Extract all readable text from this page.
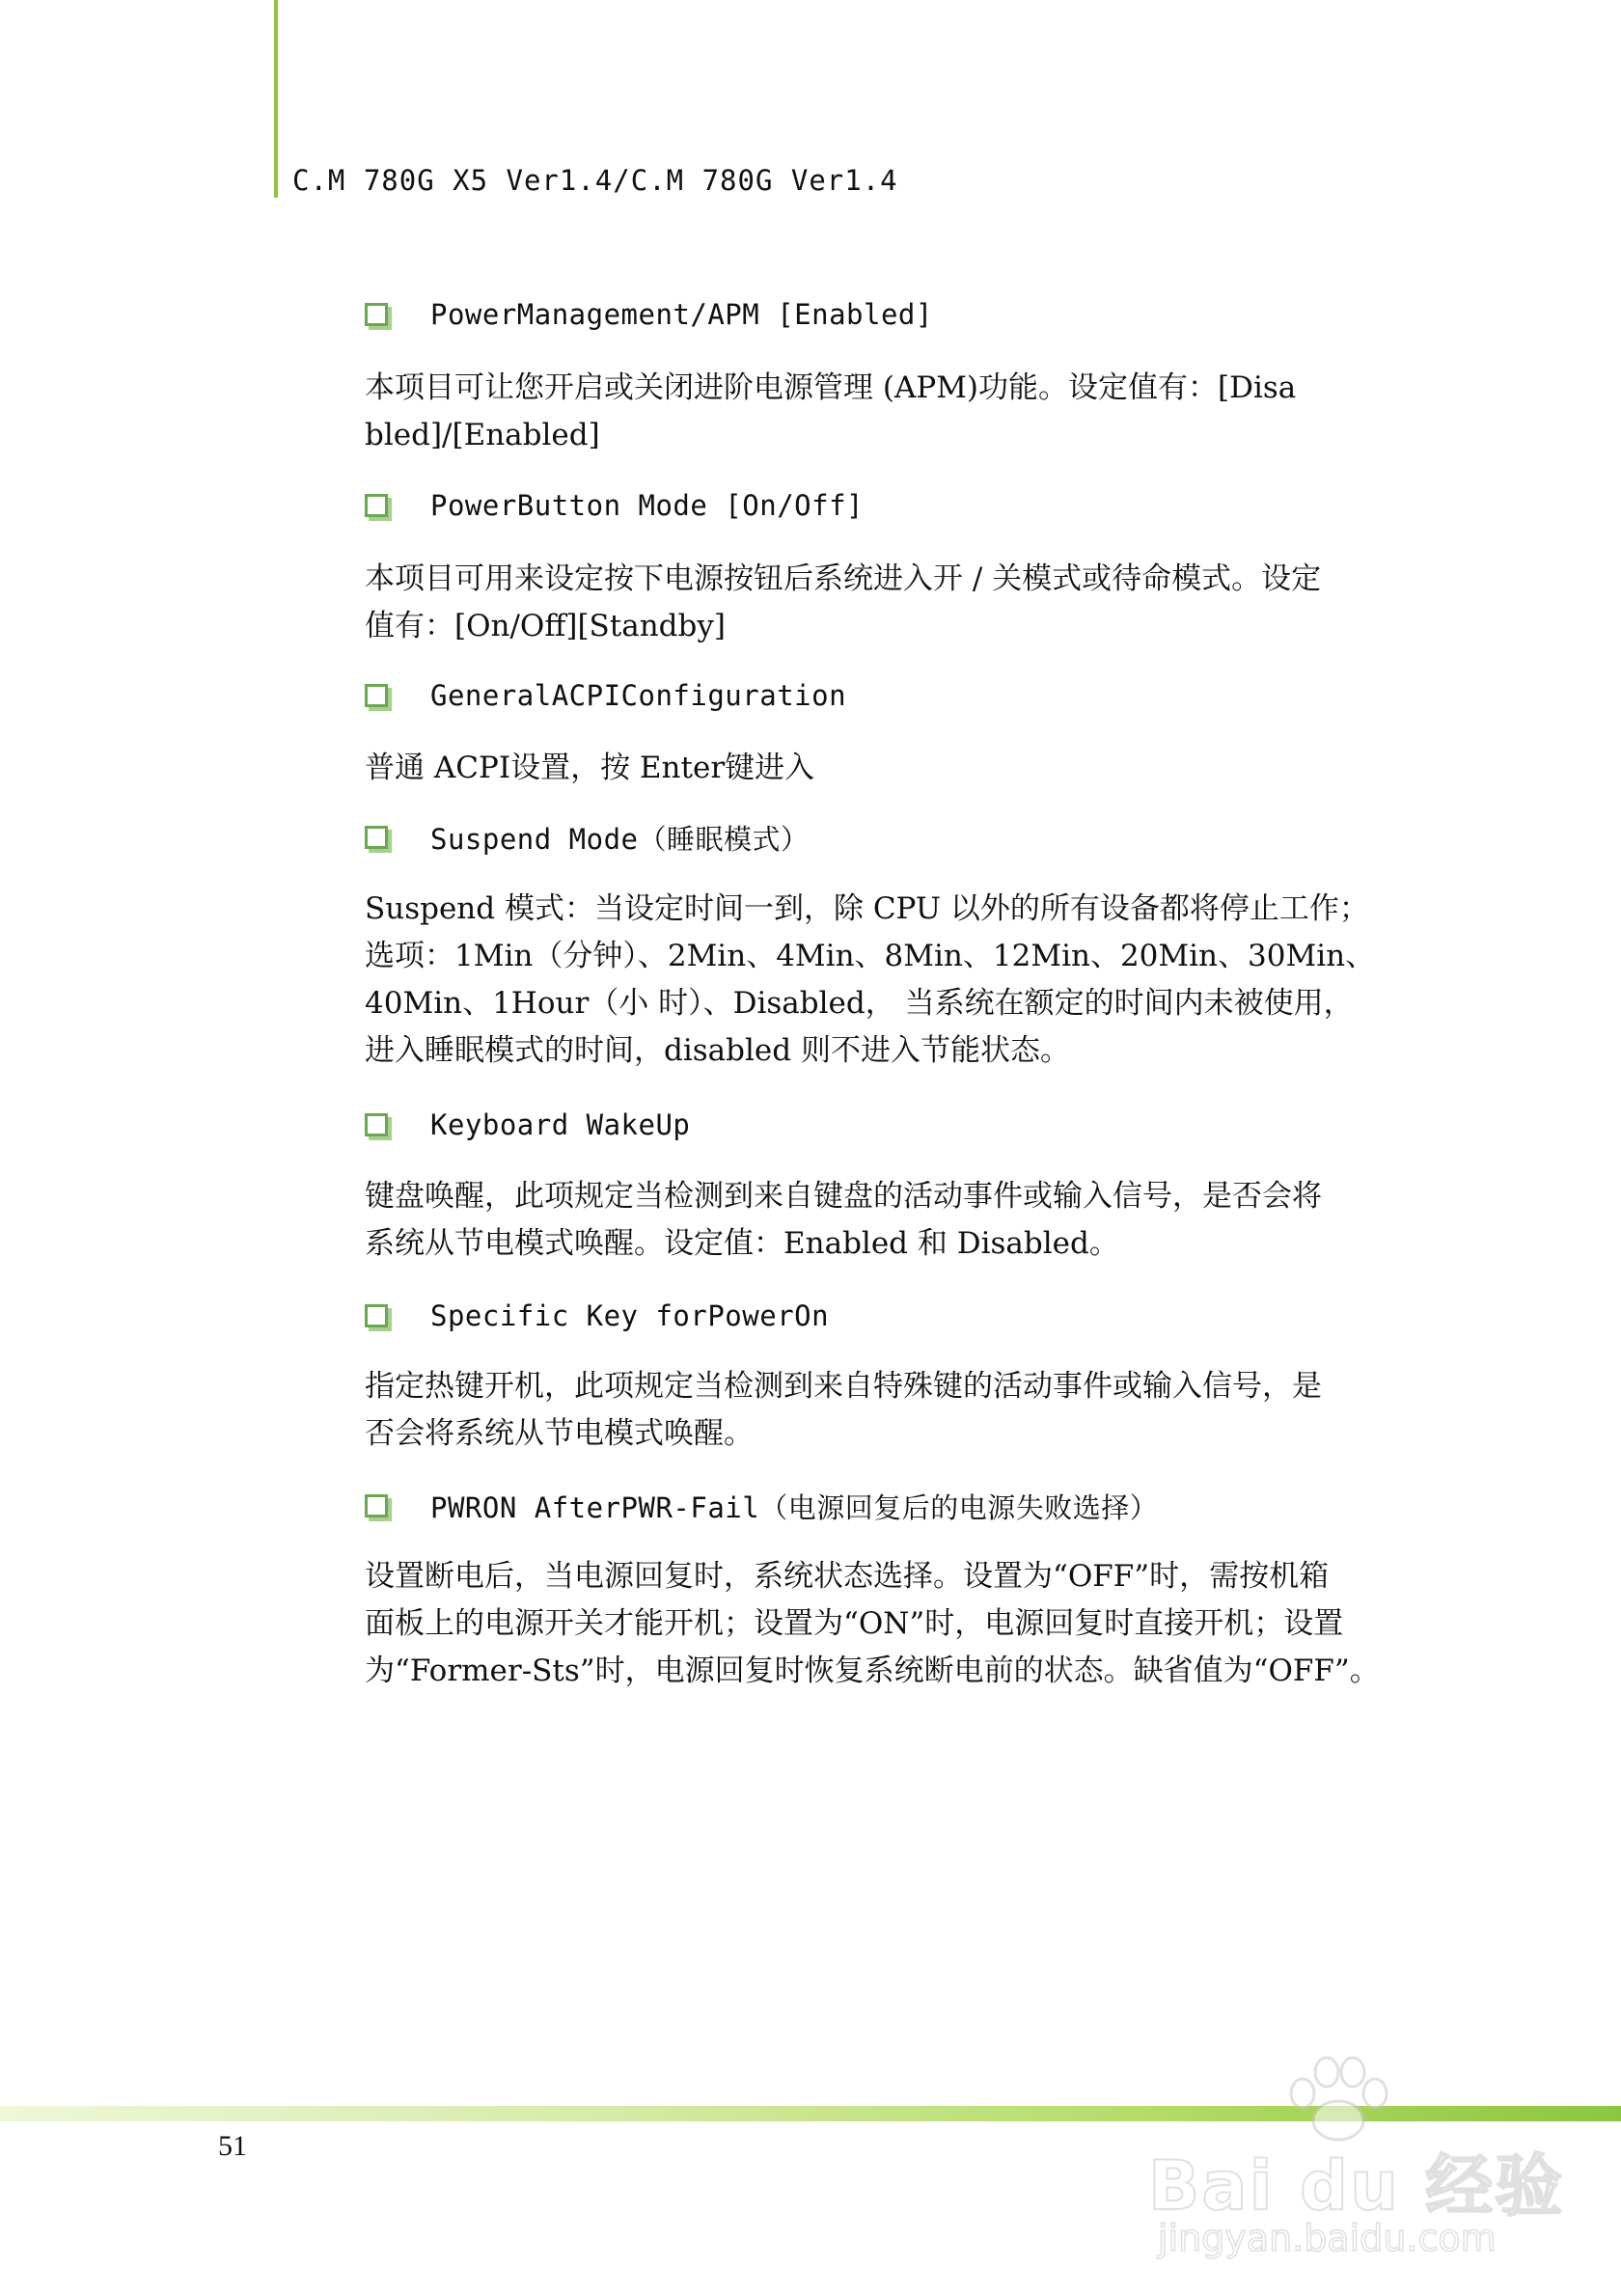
C.M 780G X5 Ver1.4/C.M 780G Ver1.4
PowerManagement/APM [Enabled]
本项目可让您开启或关闭进阶电源管理 (APM)功能。设定值有：[Disa
bled]/[Enabled]
PowerButton Mode [On/Off]
本项目可用来设定按下电源按钮后系统进入开 / 关模式或待命模式。设定
值有：[On/Off][Standby]
GeneralACPIConfiguration
普通 ACPI设置，按 Enter键进入
Suspend Mode（睡眠模式）
Suspend 模式：当设定时间一到，除 CPU 以外的所有设备都将停止工作；
选项：1Min（分钟）、2Min、4Min、8Min、12Min、20Min、30Min、
40Min、1Hour（小 时）、Disabled， 当系统在额定的时间内未被使用，
进入睡眠模式的时间，disabled 则不进入节能状态。
Keyboard WakeUp
键盘唤醒，此项规定当检测到来自键盘的活动事件或输入信号，是否会将
系统从节电模式唤醒。设定值：Enabled 和 Disabled。
Specific Key forPowerOn
指定热键开机，此项规定当检测到来自特殊键的活动事件或输入信号，是
否会将系统从节电模式唤醒。
PWRON AfterPWR-Fail（电源回复后的电源失败选择）
设置断电后，当电源回复时，系统状态选择。设置为“OFF”时，需按机箱
面板上的电源开关才能开机；设置为“ON”时，电源回复时直接开机；设置
为“Former-Sts”时，电源回复时恢复系统断电前的状态。缺省值为“OFF”。
51
Bai du 经验
jingyan.baidu.com
